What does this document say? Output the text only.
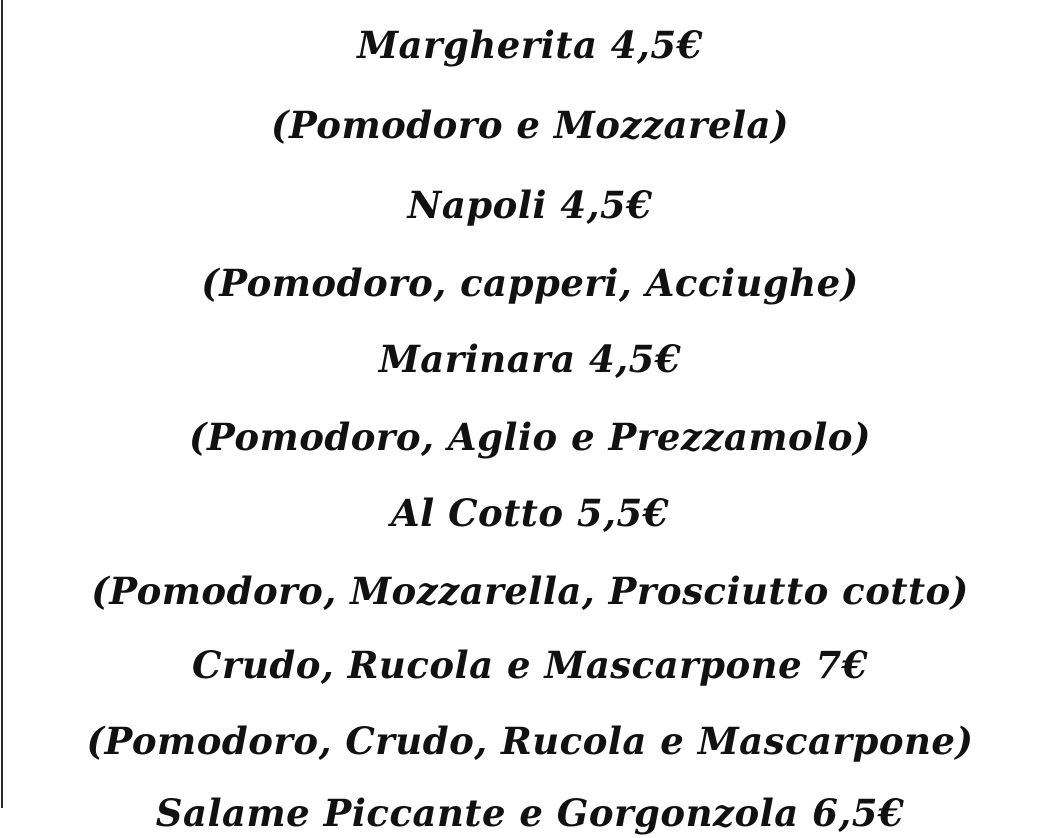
Margherita 4,5€
(Pomodoro e Mozzarela)
Napoli 4,5€
(Pomodoro, capperi, Acciughe)
Marinara 4,5€
(Pomodoro, Aglio e Prezzamolo)
Al Cotto 5,5€
(Pomodoro, Mozzarella, Prosciutto cotto)
Crudo, Rucola e Mascarpone 7€
(Pomodoro, Crudo, Rucola e Mascarpone)
Salame Piccante e Gorgonzola 6,5€
